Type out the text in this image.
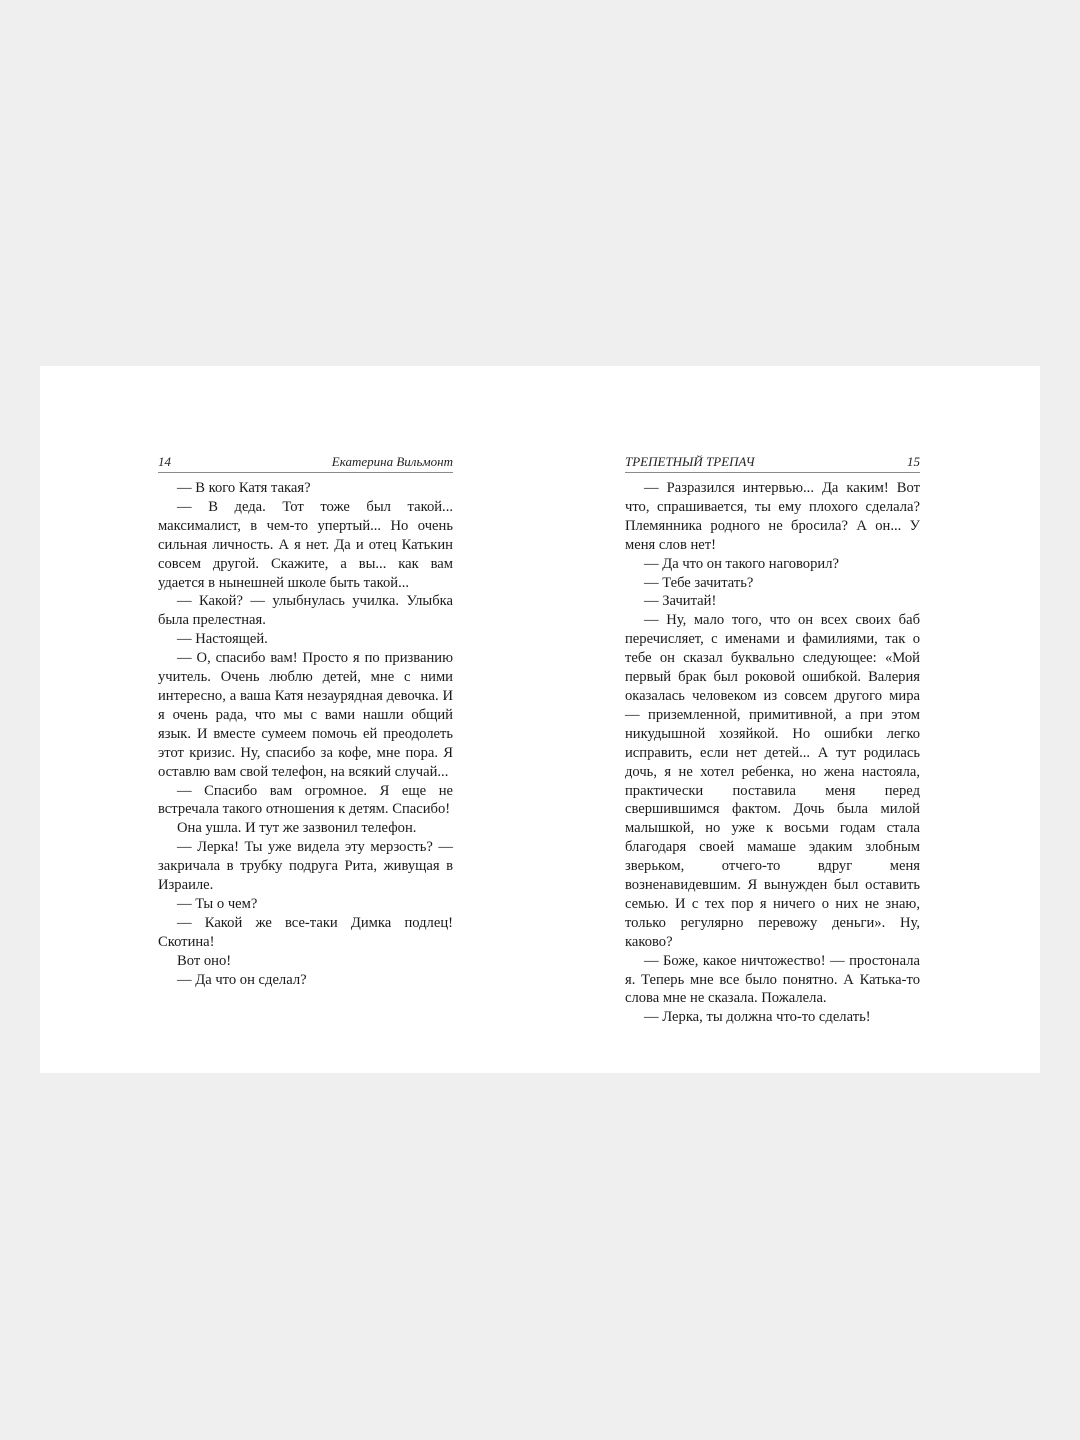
14	Екатерина Вильмонт

— В кого Катя такая?

— В деда. Тот тоже был такой... максималист, в чем-то упертый... Но очень сильная личность. А я нет. Да и отец Катькин совсем другой. Скажите, а вы... как вам удается в нынешней школе быть такой...

— Какой? — улыбнулась училка. Улыбка была прелестная.

— Настоящей.

— О, спасибо вам! Просто я по призванию учитель. Очень люблю детей, мне с ними интересно, а ваша Катя незаурядная девочка. И я очень рада, что мы с вами нашли общий язык. И вместе сумеем помочь ей преодолеть этот кризис. Ну, спасибо за кофе, мне пора. Я оставлю вам свой телефон, на всякий случай...

— Спасибо вам огромное. Я еще не встречала такого отношения к детям. Спасибо!

Она ушла. И тут же зазвонил телефон.

— Лерка! Ты уже видела эту мерзость? — закричала в трубку подруга Рита, живущая в Израиле.

— Ты о чем?

— Какой же все-таки Димка подлец! Скотина!

Вот оно!

— Да что он сделал?

ТРЕПЕТНЫЙ ТРЕПАЧ	15

— Разразился интервью... Да каким! Вот что, спрашивается, ты ему плохого сделала? Племянника родного не бросила? А он... У меня слов нет!

— Да что он такого наговорил?

— Тебе зачитать?

— Зачитай!

— Ну, мало того, что он всех своих баб перечисляет, с именами и фамилиями, так о тебе он сказал буквально следующее: «Мой первый брак был роковой ошибкой. Валерия оказалась человеком из совсем другого мира — приземленной, примитивной, а при этом никудышной хозяйкой. Но ошибки легко исправить, если нет детей... А тут родилась дочь, я не хотел ребенка, но жена настояла, практически поставила меня перед свершившимся фактом. Дочь была милой малышкой, но уже к восьми годам стала благодаря своей мамаше эдаким злобным зверьком, отчего-то вдруг меня возненавидевшим. Я вынужден был оставить семью. И с тех пор я ничего о них не знаю, только регулярно перевожу деньги». Ну, каково?

— Боже, какое ничтожество! — простонала я. Теперь мне все было понятно. А Катька-то слова мне не сказала. Пожалела.

— Лерка, ты должна что-то сделать!
